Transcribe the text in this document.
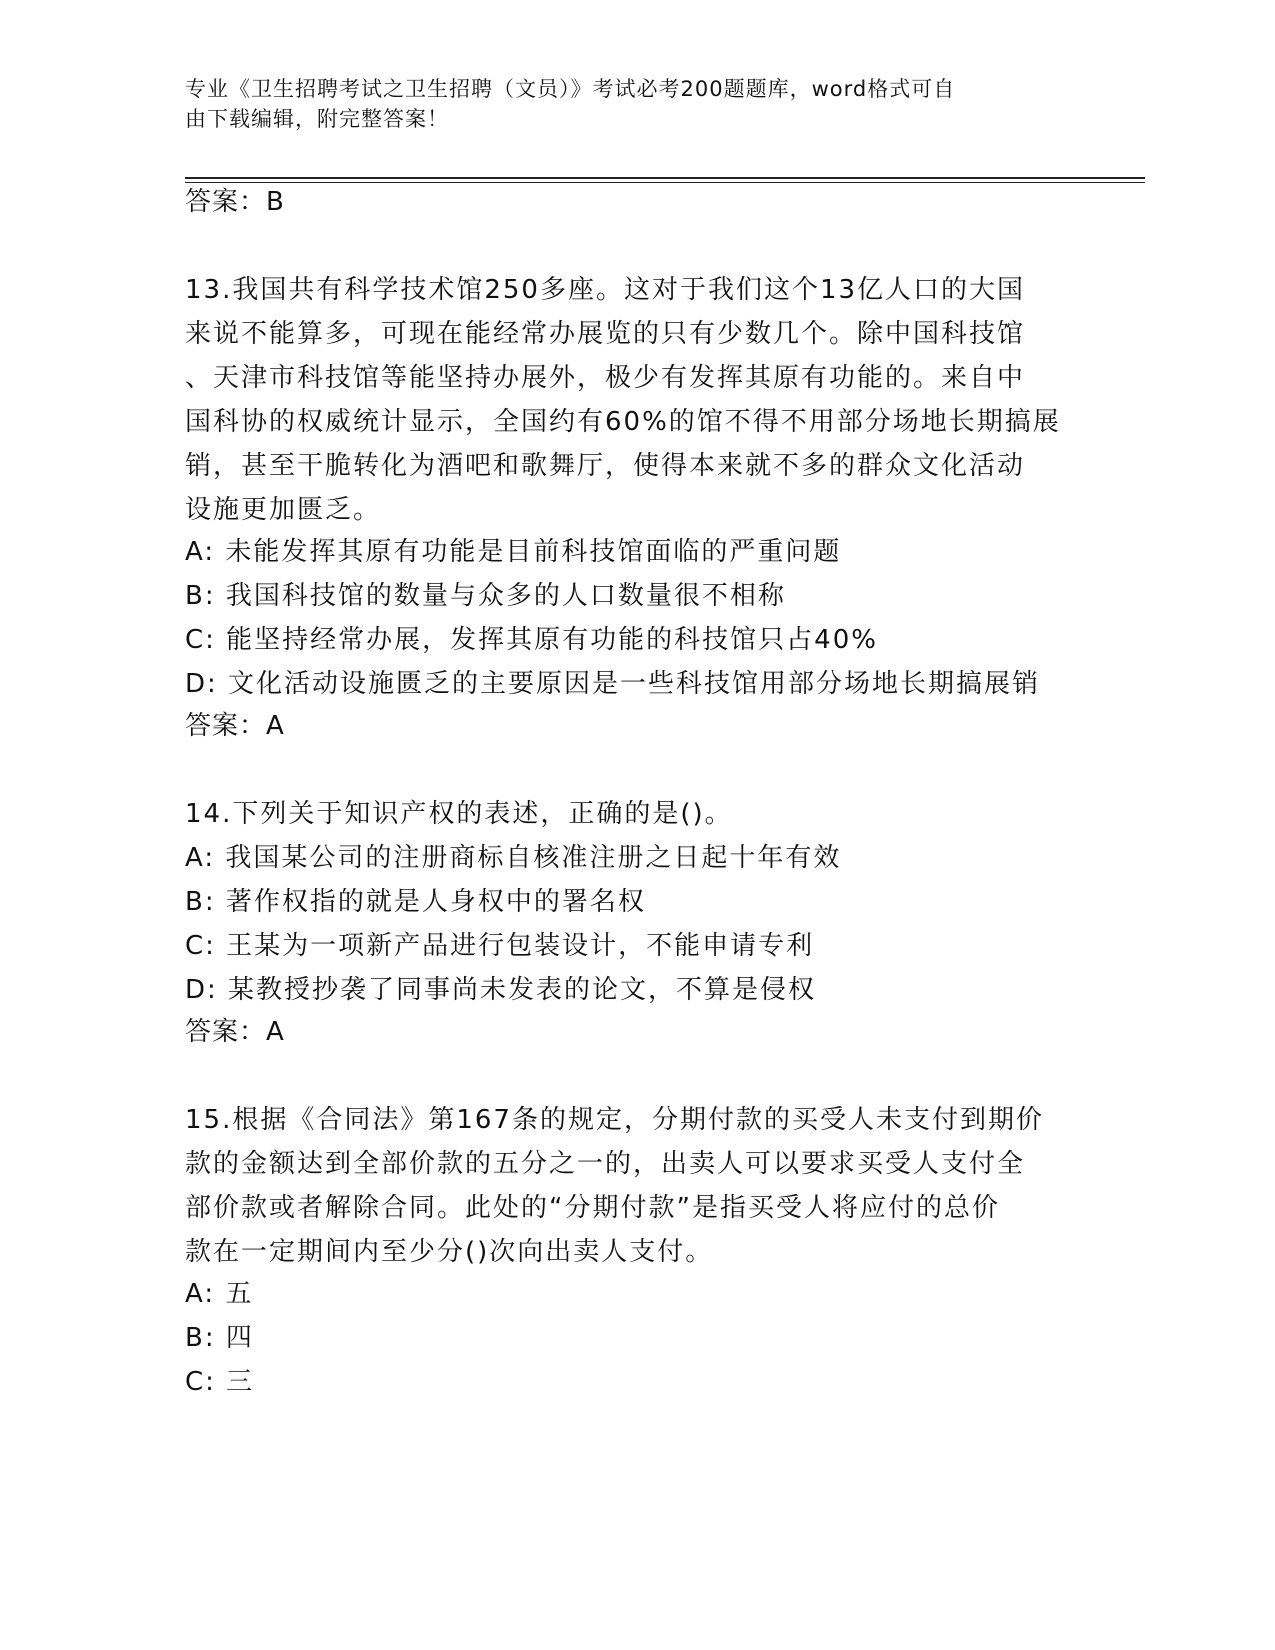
专业《卫生招聘考试之卫生招聘（文员）》考试必考200题题库，word格式可自
由下载编辑，附完整答案！
答案：B
13.我国共有科学技术馆250多座。这对于我们这个13亿人口的大国
来说不能算多，可现在能经常办展览的只有少数几个。除中国科技馆
、天津市科技馆等能坚持办展外，极少有发挥其原有功能的。来自中
国科协的权威统计显示，全国约有60%的馆不得不用部分场地长期搞展
销，甚至干脆转化为酒吧和歌舞厅，使得本来就不多的群众文化活动
设施更加匮乏。
A: 未能发挥其原有功能是目前科技馆面临的严重问题
B: 我国科技馆的数量与众多的人口数量很不相称
C: 能坚持经常办展，发挥其原有功能的科技馆只占40%
D: 文化活动设施匮乏的主要原因是一些科技馆用部分场地长期搞展销
答案：A
14.下列关于知识产权的表述，正确的是()。
A: 我国某公司的注册商标自核准注册之日起十年有效
B: 著作权指的就是人身权中的署名权
C: 王某为一项新产品进行包装设计，不能申请专利
D: 某教授抄袭了同事尚未发表的论文，不算是侵权
答案：A
15.根据《合同法》第167条的规定，分期付款的买受人未支付到期价
款的金额达到全部价款的五分之一的，出卖人可以要求买受人支付全
部价款或者解除合同。此处的“分期付款”是指买受人将应付的总价
款在一定期间内至少分()次向出卖人支付。
A: 五
B: 四
C: 三
